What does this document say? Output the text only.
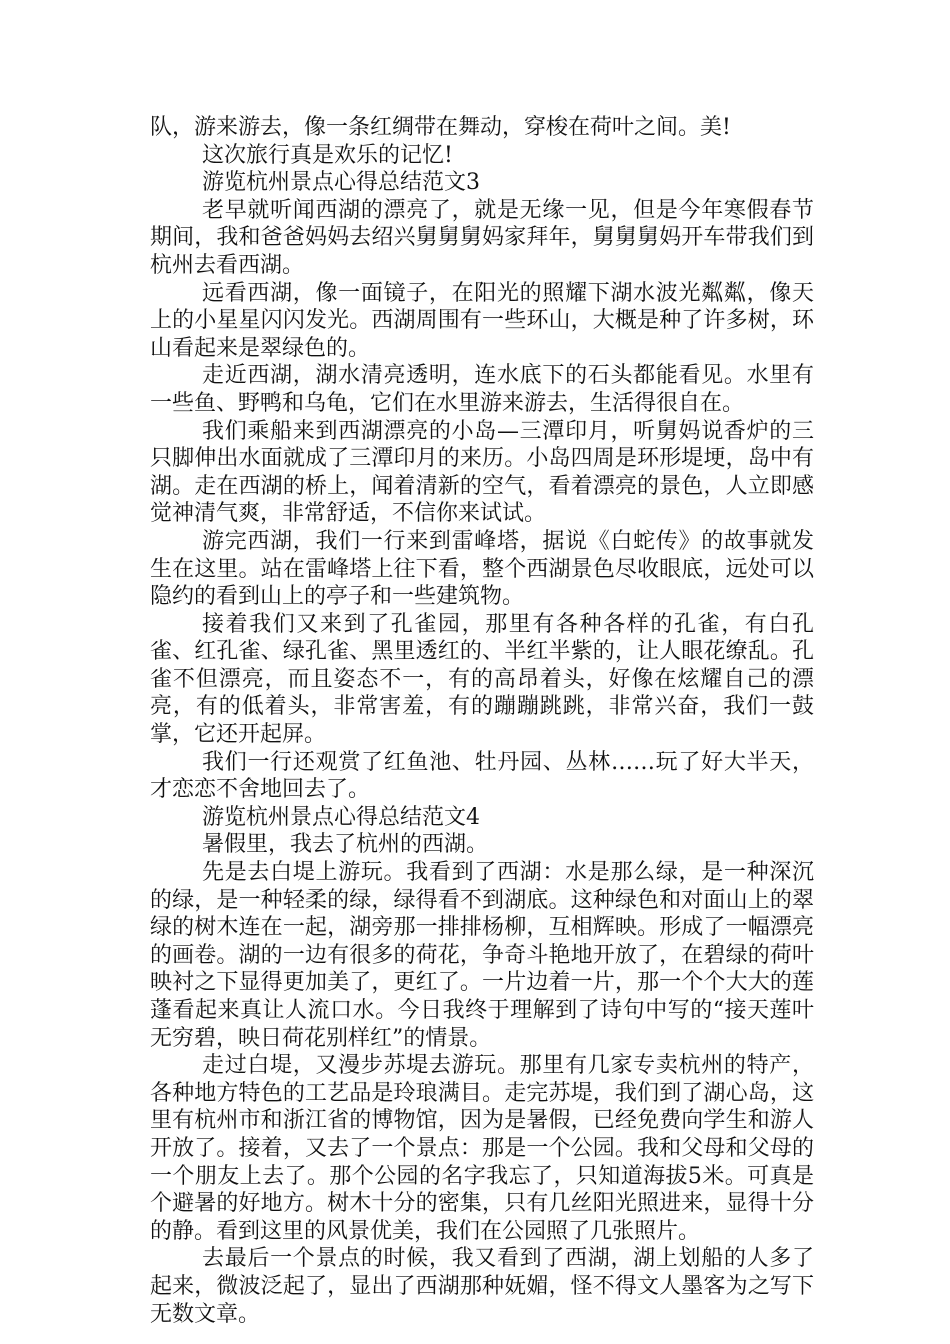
队，游来游去，像一条红绸带在舞动，穿梭在荷叶之间。美!

这次旅行真是欢乐的记忆!

游览杭州景点心得总结范文3

老早就听闻西湖的漂亮了，就是无缘一见，但是今年寒假春节期间，我和爸爸妈妈去绍兴舅舅舅妈家拜年，舅舅舅妈开车带我们到杭州去看西湖。

远看西湖，像一面镜子，在阳光的照耀下湖水波光粼粼，像天上的小星星闪闪发光。西湖周围有一些环山，大概是种了许多树，环山看起来是翠绿色的。

走近西湖，湖水清亮透明，连水底下的石头都能看见。水里有一些鱼、野鸭和乌龟，它们在水里游来游去，生活得很自在。

我们乘船来到西湖漂亮的小岛—三潭印月，听舅妈说香炉的三只脚伸出水面就成了三潭印月的来历。小岛四周是环形堤埂，岛中有湖。走在西湖的桥上，闻着清新的空气，看着漂亮的景色，人立即感觉神清气爽，非常舒适，不信你来试试。

游完西湖，我们一行来到雷峰塔，据说《白蛇传》的故事就发生在这里。站在雷峰塔上往下看，整个西湖景色尽收眼底，远处可以隐约的看到山上的亭子和一些建筑物。

接着我们又来到了孔雀园，那里有各种各样的孔雀，有白孔雀、红孔雀、绿孔雀、黑里透红的、半红半紫的，让人眼花缭乱。孔雀不但漂亮，而且姿态不一，有的高昂着头，好像在炫耀自己的漂亮，有的低着头，非常害羞，有的蹦蹦跳跳，非常兴奋，我们一鼓掌，它还开起屏。

我们一行还观赏了红鱼池、牡丹园、丛林……玩了好大半天，才恋恋不舍地回去了。

游览杭州景点心得总结范文4

暑假里，我去了杭州的西湖。

先是去白堤上游玩。我看到了西湖：水是那么绿，是一种深沉的绿，是一种轻柔的绿，绿得看不到湖底。这种绿色和对面山上的翠绿的树木连在一起，湖旁那一排排杨柳，互相辉映。形成了一幅漂亮的画卷。湖的一边有很多的荷花，争奇斗艳地开放了，在碧绿的荷叶映衬之下显得更加美了，更红了。一片边着一片，那一个个大大的莲蓬看起来真让人流口水。今日我终于理解到了诗句中写的“接天莲叶无穷碧，映日荷花别样红”的情景。

走过白堤，又漫步苏堤去游玩。那里有几家专卖杭州的特产，各种地方特色的工艺品是玲琅满目。走完苏堤，我们到了湖心岛，这里有杭州市和浙江省的博物馆，因为是暑假，已经免费向学生和游人开放了。接着，又去了一个景点：那是一个公园。我和父母和父母的一个朋友上去了。那个公园的名字我忘了，只知道海拔5米。可真是个避暑的好地方。树木十分的密集，只有几丝阳光照进来，显得十分的静。看到这里的风景优美，我们在公园照了几张照片。

去最后一个景点的时候，我又看到了西湖，湖上划船的人多了起来，微波泛起了，显出了西湖那种妩媚，怪不得文人墨客为之写下无数文章。
